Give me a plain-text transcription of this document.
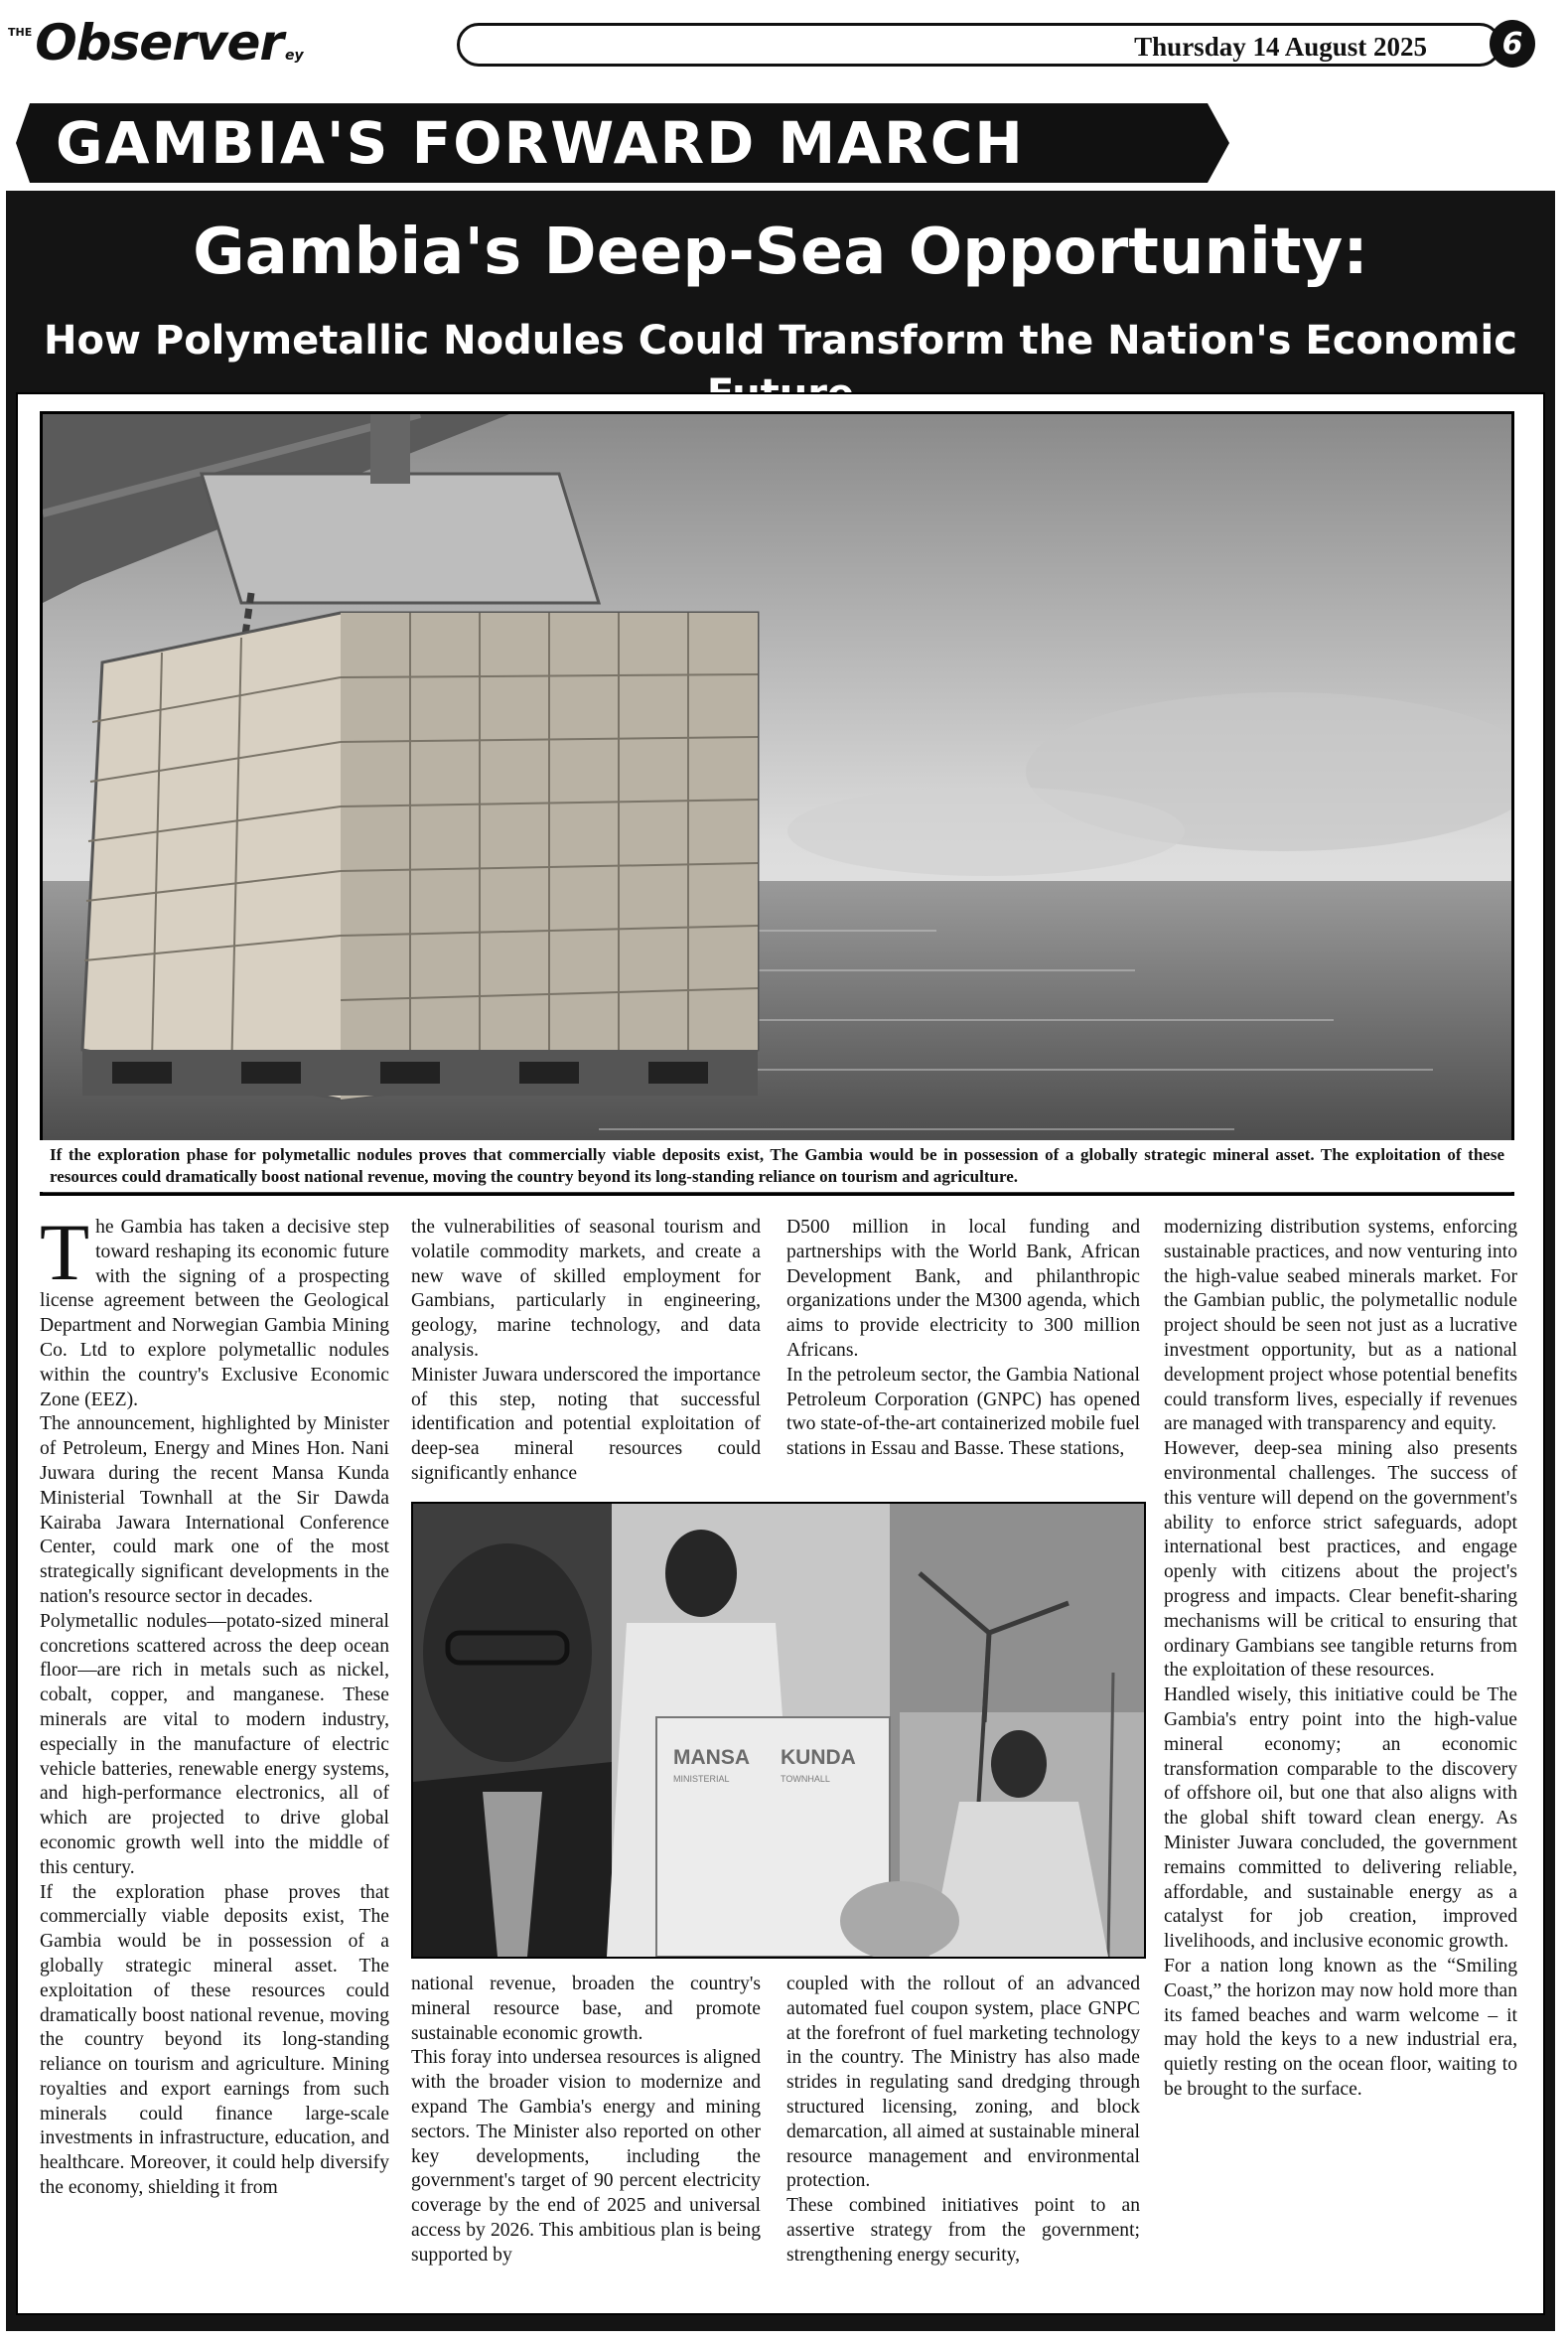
THE Observer ey	Thursday 14 August 2025	6
GAMBIA'S FORWARD MARCH
Gambia's Deep-Sea Opportunity:
How Polymetallic Nodules Could Transform the Nation's Economic
If the exploration phase for polymetallic nodules proves that commercially viable deposits exist, The Gambia would be in possession of a globally strategic mineral asset. The exploitation of these resources could dramatically boost national revenue, moving the country beyond its long-standing reliance on tourism and agriculture.

The Gambia has taken a decisive step toward reshaping its economic future with the signing of a prospecting license agreement between the Geological Department and Norwegian Gambia Mining Co. Ltd to explore polymetallic nodules within the country's Exclusive Economic Zone (EEZ).

The announcement, highlighted by Minister of Petroleum, Energy and Mines Hon. Nani Juwara during the recent Mansa Kunda Ministerial Townhall at the Sir Dawda Kairaba Jawara International Conference Center, could mark one of the most strategically significant developments in the nation's resource sector in decades.

Polymetallic nodules—potato-sized mineral concretions scattered across the deep ocean floor—are rich in metals such as nickel, cobalt, copper, and manganese. These minerals are vital to modern industry, especially in the manufacture of electric vehicle batteries, renewable energy systems, and high-performance electronics, all of which are projected to drive global economic growth well into the middle of this century.

If the exploration phase proves that commercially viable deposits exist, The Gambia would be in possession of a globally strategic mineral asset. The exploitation of these resources could dramatically boost national revenue, moving the country beyond its long-standing reliance on tourism and agriculture. Mining royalties and export earnings from such minerals could finance large-scale investments in infrastructure, education, and healthcare. Moreover, it could help diversify the economy, shielding it from

the vulnerabilities of seasonal tourism and volatile commodity markets, and create a new wave of skilled employment for Gambians, particularly in engineering, geology, marine technology, and data analysis.

Minister Juwara underscored the importance of this step, noting that successful identification and potential exploitation of deep-sea mineral resources could significantly enhance

D500 million in local funding and partnerships with the World Bank, African Development Bank, and philanthropic organizations under the M300 agenda, which aims to provide electricity to 300 million Africans.

In the petroleum sector, the Gambia National Petroleum Corporation (GNPC) has opened two state-of-the-art containerized mobile fuel stations in Essau and Basse. These stations,

MANSA KUNDA
MINISTERIAL	TOWNHALL

national revenue, broaden the country's mineral resource base, and promote sustainable economic growth.

This foray into undersea resources is aligned with the broader vision to modernize and expand The Gambia's energy and mining sectors. The Minister also reported on other key developments, including the government's target of 90 percent electricity coverage by the end of 2025 and universal access by 2026. This ambitious plan is being supported by

coupled with the rollout of an advanced automated fuel coupon system, place GNPC at the forefront of fuel marketing technology in the country. The Ministry has also made strides in regulating sand dredging through structured licensing, zoning, and block demarcation, all aimed at sustainable mineral resource management and environmental protection.

These combined initiatives point to an assertive strategy from the government; strengthening energy security,

modernizing distribution systems, enforcing sustainable practices, and now venturing into the high-value seabed minerals market. For the Gambian public, the polymetallic nodule project should be seen not just as a lucrative investment opportunity, but as a national development project whose potential benefits could transform lives, especially if revenues are managed with transparency and equity.

However, deep-sea mining also presents environmental challenges. The success of this venture will depend on the government's ability to enforce strict safeguards, adopt international best practices, and engage openly with citizens about the project's progress and impacts. Clear benefit-sharing mechanisms will be critical to ensuring that ordinary Gambians see tangible returns from the exploitation of these resources.

Handled wisely, this initiative could be The Gambia's entry point into the high-value mineral economy; an economic transformation comparable to the discovery of offshore oil, but one that also aligns with the global shift toward clean energy. As Minister Juwara concluded, the government remains committed to delivering reliable, affordable, and sustainable energy as a catalyst for job creation, improved livelihoods, and inclusive economic growth.

For a nation long known as the “Smiling Coast,” the horizon may now hold more than its famed beaches and warm welcome – it may hold the keys to a new industrial era, quietly resting on the ocean floor, waiting to be brought to the surface.
